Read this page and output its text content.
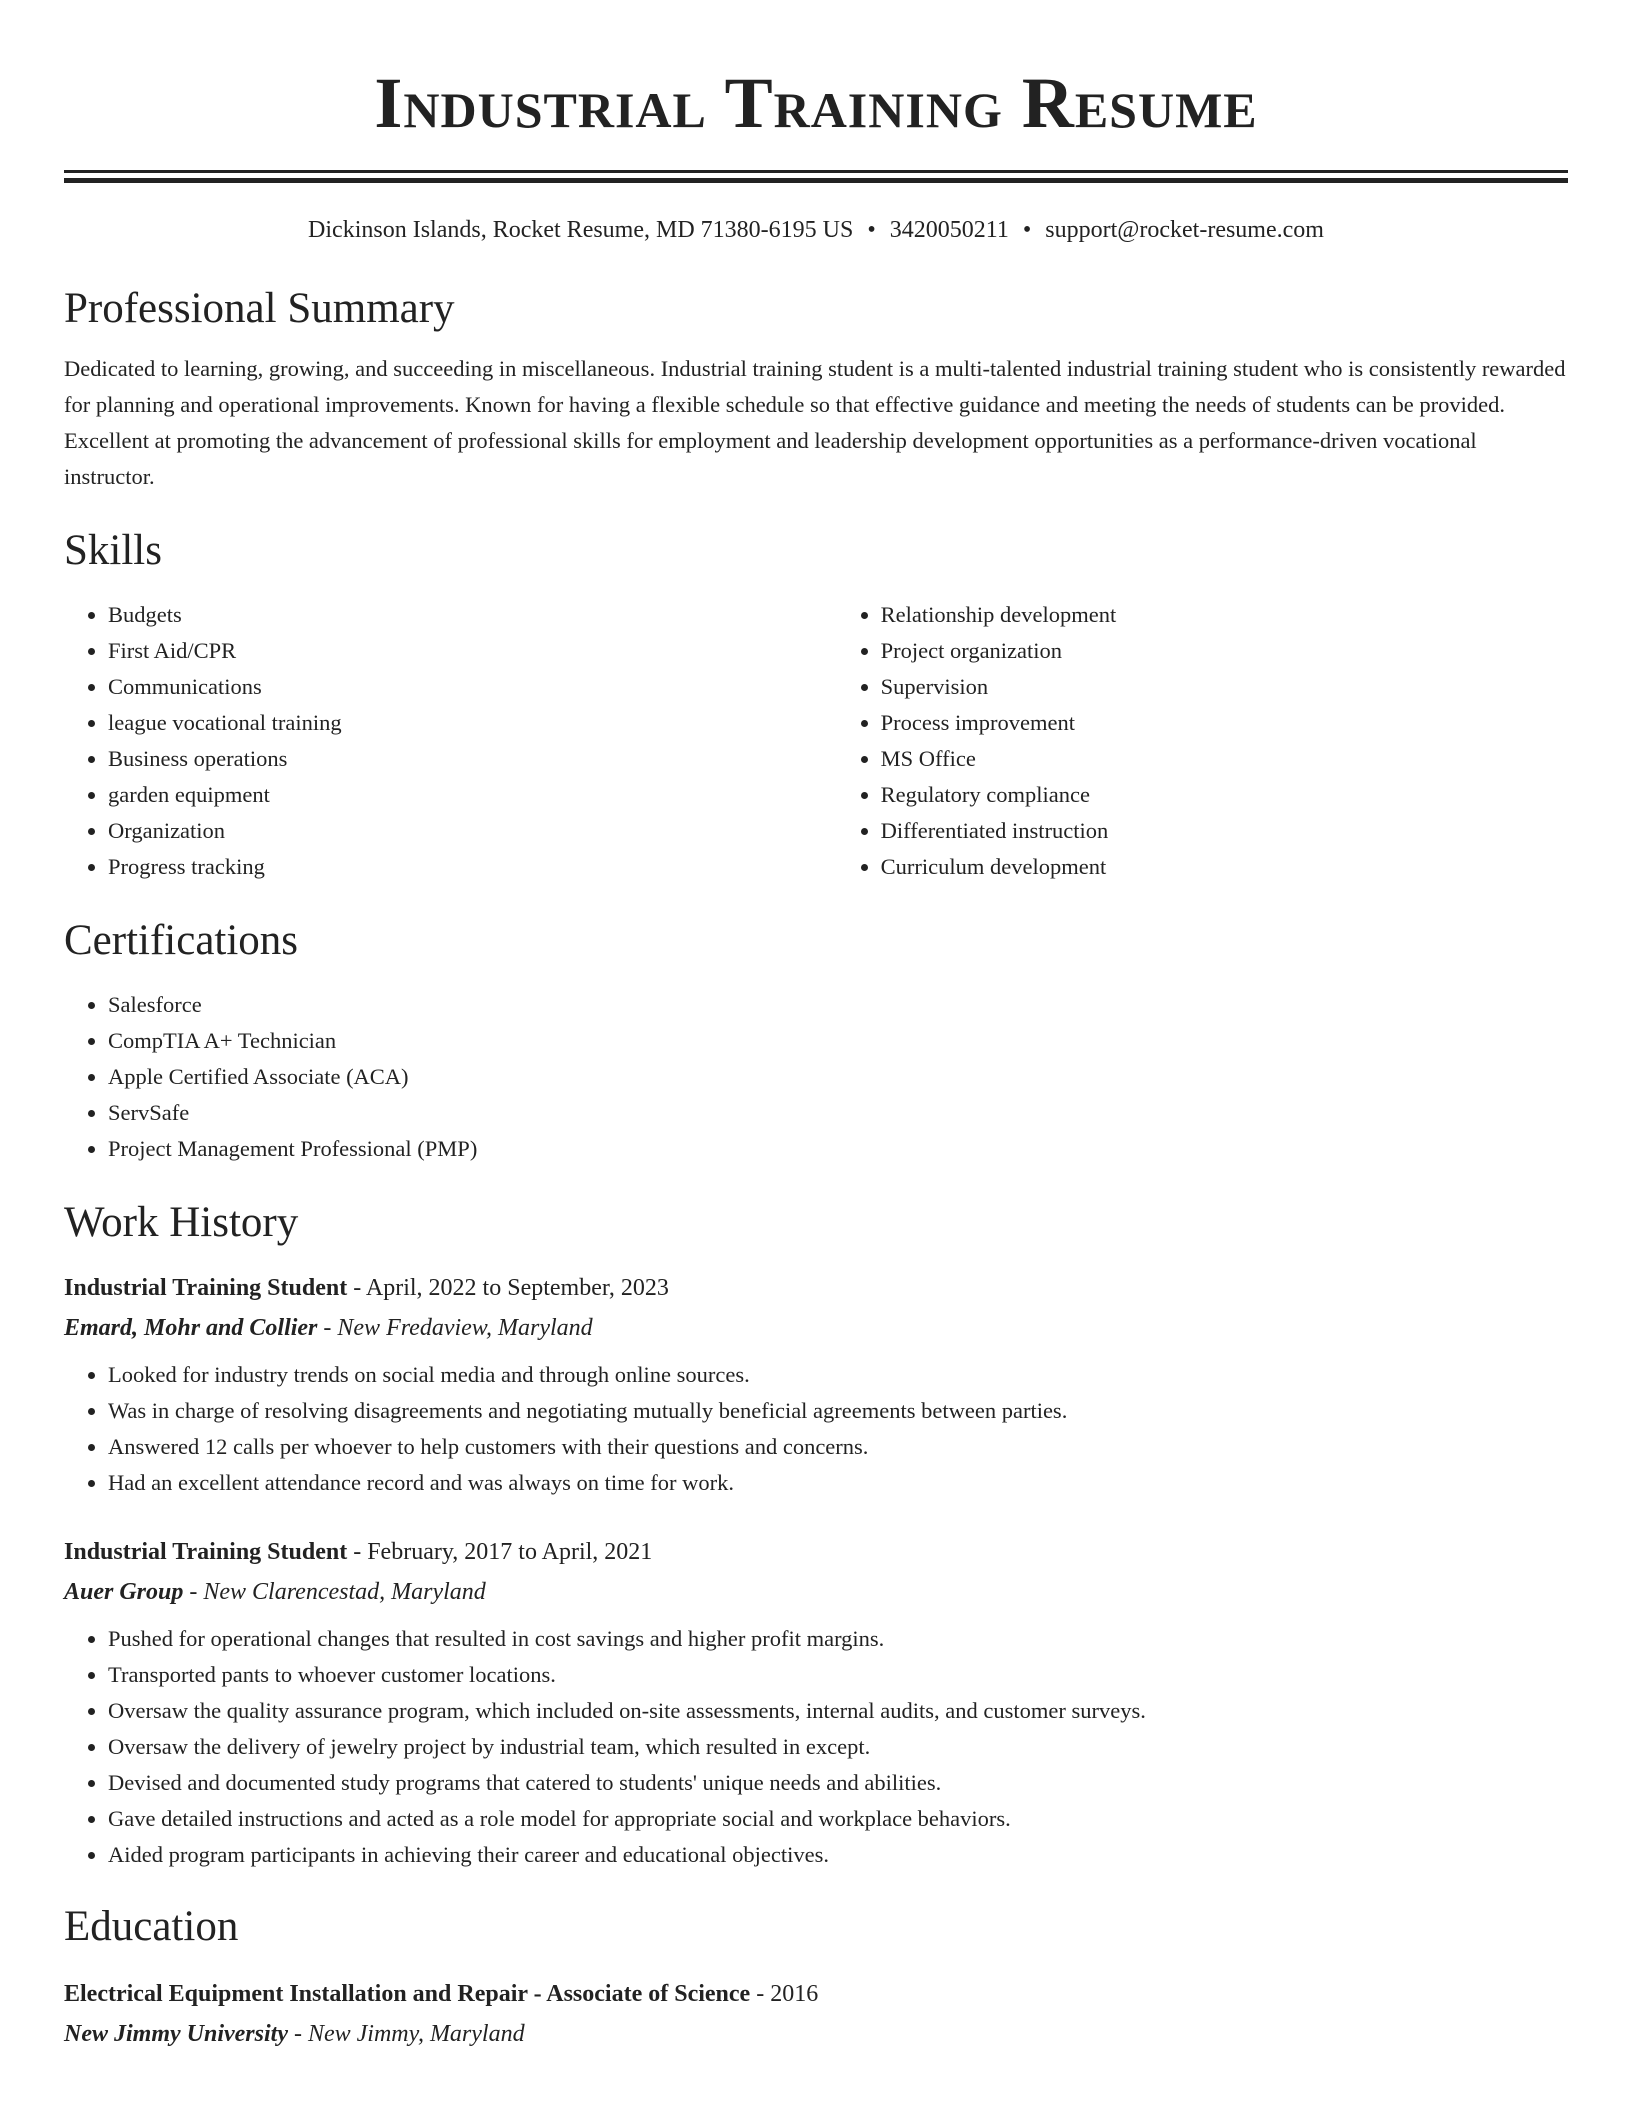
Industrial Training Resume
Dickinson Islands, Rocket Resume, MD 71380-6195 US • 3420050211 • support@rocket-resume.com
Professional Summary

Dedicated to learning, growing, and succeeding in miscellaneous. Industrial training student is a multi-talented industrial training student who is consistently rewarded for planning and operational improvements. Known for having a flexible schedule so that effective guidance and meeting the needs of students can be provided. Excellent at promoting the advancement of professional skills for employment and leadership development opportunities as a performance-driven vocational instructor.

Skills
• Budgets
• First Aid/CPR
• Communications
• league vocational training
• Business operations
• garden equipment
• Organization
• Progress tracking
• Relationship development
• Project organization
• Supervision
• Process improvement
• MS Office
• Regulatory compliance
• Differentiated instruction
• Curriculum development
Certifications
• Salesforce
• CompTIA A+ Technician
• Apple Certified Associate (ACA)
• ServSafe
• Project Management Professional (PMP)
Work History
Industrial Training Student - April, 2022 to September, 2023
Emard, Mohr and Collier - New Fredaview, Maryland
• Looked for industry trends on social media and through online sources.
• Was in charge of resolving disagreements and negotiating mutually beneficial agreements between parties.
• Answered 12 calls per whoever to help customers with their questions and concerns.
• Had an excellent attendance record and was always on time for work.
Industrial Training Student - February, 2017 to April, 2021
Auer Group - New Clarencestad, Maryland
• Pushed for operational changes that resulted in cost savings and higher profit margins.
• Transported pants to whoever customer locations.
• Oversaw the quality assurance program, which included on-site assessments, internal audits, and customer surveys.
• Oversaw the delivery of jewelry project by industrial team, which resulted in except.
• Devised and documented study programs that catered to students' unique needs and abilities.
• Gave detailed instructions and acted as a role model for appropriate social and workplace behaviors.
• Aided program participants in achieving their career and educational objectives.
Education
Electrical Equipment Installation and Repair - Associate of Science - 2016
New Jimmy University - New Jimmy, Maryland
